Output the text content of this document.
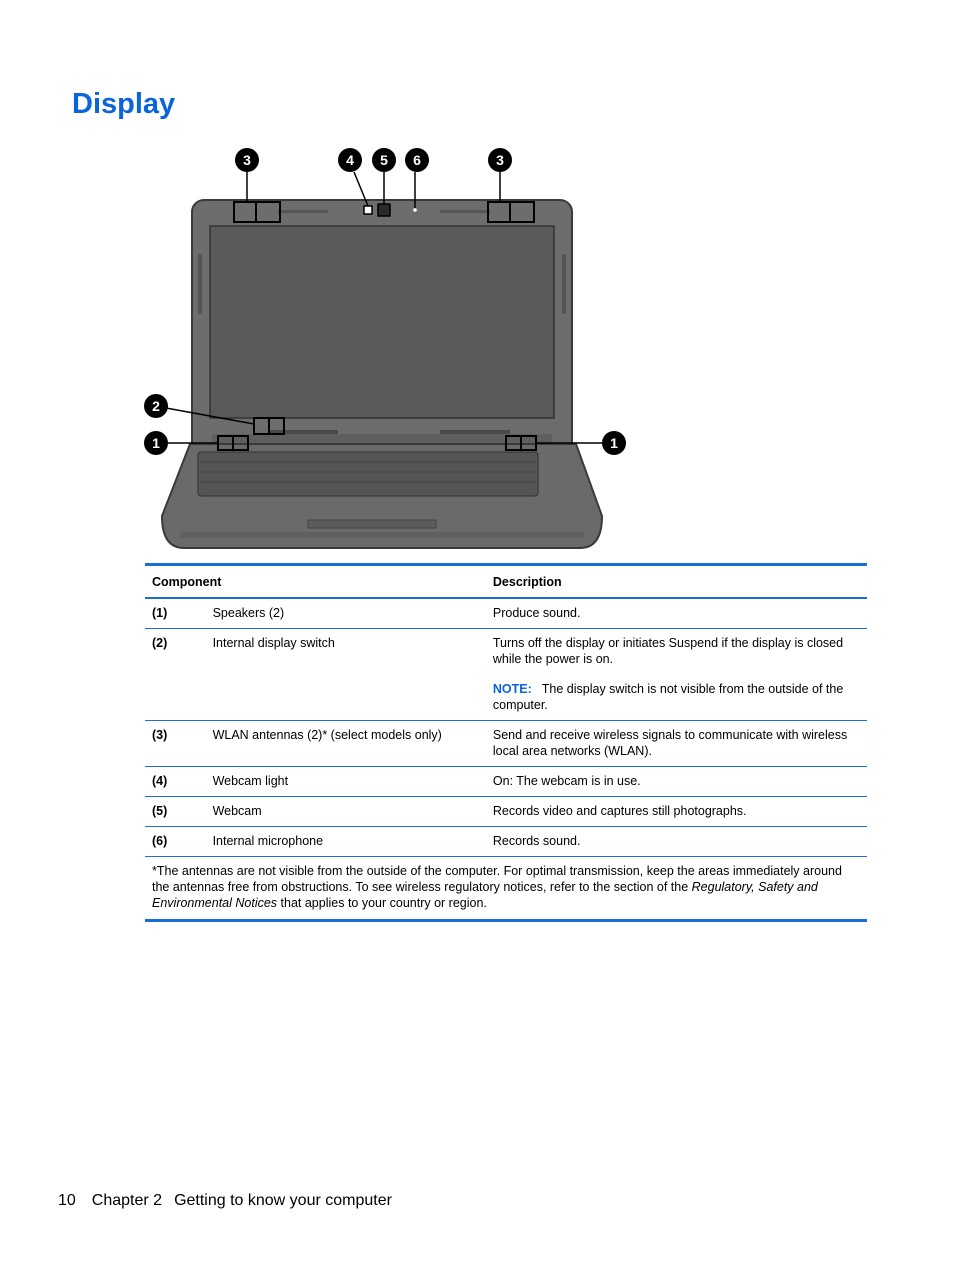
Display
3	4 5 6	3
2
1	1
Component		Description
(1)	Speakers (2)	Produce sound.
(2)	Internal display switch	Turns off the display or initiates Suspend if the display is closed while the power is on.
NOTE: The display switch is not visible from the outside of the computer.

(3)	WLAN antennas (2)* (select models only)	Send and receive wireless signals to communicate with wireless local area networks (WLAN).
(4)	Webcam light	On: The webcam is in use.
(5)	Webcam	Records video and captures still photographs.
(6)	Internal microphone	Records sound.
*The antennas are not visible from the outside of the computer. For optimal transmission, keep the areas immediately around the antennas free from obstructions. To see wireless regulatory notices, refer to the section of the Regulatory, Safety and Environmental Notices that applies to your country or region.		
10 Chapter 2 Getting to know your computer
